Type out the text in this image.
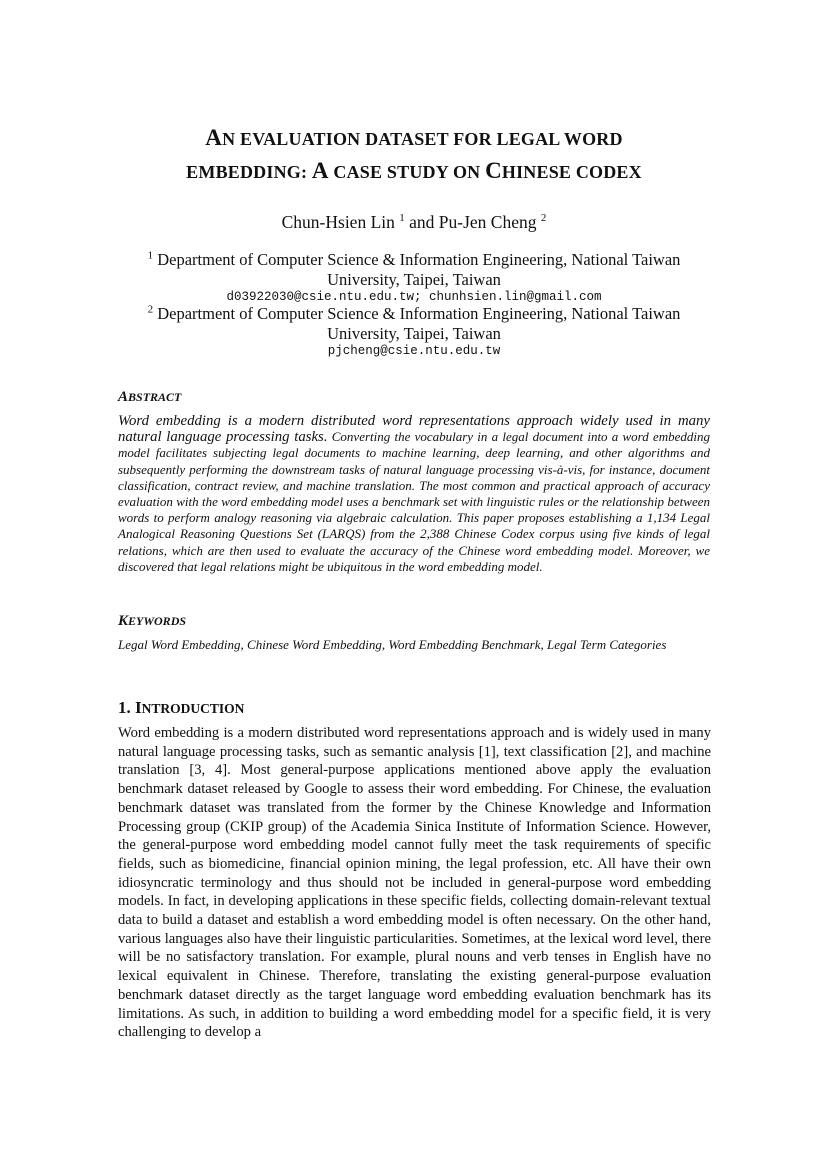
AN EVALUATION DATASET FOR LEGAL WORD
EMBEDDING: A CASE STUDY ON CHINESE CODEX
Chun-Hsien Lin $^1$ and Pu-Jen Cheng $^2$
$^1$ Department of Computer Science & Information Engineering, National Taiwan
University, Taipei, Taiwan
d03922030@csie.ntu.edu.tw; chunhsien.lin@gmail.com
$^2$ Department of Computer Science & Information Engineering, National Taiwan
University, Taipei, Taiwan
pjcheng@csie.ntu.edu.tw
ABSTRACT
Word embedding is a modern distributed word representations approach widely used in many natural language processing tasks. Converting the vocabulary in a legal document into a word embedding model facilitates subjecting legal documents to machine learning, deep learning, and other algorithms and subsequently performing the downstream tasks of natural language processing vis-à-vis, for instance, document classification, contract review, and machine translation. The most common and practical approach of accuracy evaluation with the word embedding model uses a benchmark set with linguistic rules or the relationship between words to perform analogy reasoning via algebraic calculation. This paper proposes establishing a 1,134 Legal Analogical Reasoning Questions Set (LARQS) from the 2,388 Chinese Codex corpus using five kinds of legal relations, which are then used to evaluate the accuracy of the Chinese word embedding model. Moreover, we discovered that legal relations might be ubiquitous in the word embedding model.
KEYWORDS
Legal Word Embedding, Chinese Word Embedding, Word Embedding Benchmark, Legal Term Categories
1. INTRODUCTION
Word embedding is a modern distributed word representations approach and is widely used in many natural language processing tasks, such as semantic analysis [1], text classification [2], and machine translation [3, 4]. Most general-purpose applications mentioned above apply the evaluation benchmark dataset released by Google to assess their word embedding. For Chinese, the evaluation benchmark dataset was translated from the former by the Chinese Knowledge and Information Processing group (CKIP group) of the Academia Sinica Institute of Information Science. However, the general-purpose word embedding model cannot fully meet the task requirements of specific fields, such as biomedicine, financial opinion mining, the legal profession, etc. All have their own idiosyncratic terminology and thus should not be included in general-purpose word embedding models. In fact, in developing applications in these specific fields, collecting domain-relevant textual data to build a dataset and establish a word embedding model is often necessary. On the other hand, various languages also have their linguistic particularities. Sometimes, at the lexical word level, there will be no satisfactory translation. For example, plural nouns and verb tenses in English have no lexical equivalent in Chinese. Therefore, translating the existing general-purpose evaluation benchmark dataset directly as the target language word embedding evaluation benchmark has its limitations. As such, in addition to building a word embedding model for a specific field, it is very challenging to develop a
